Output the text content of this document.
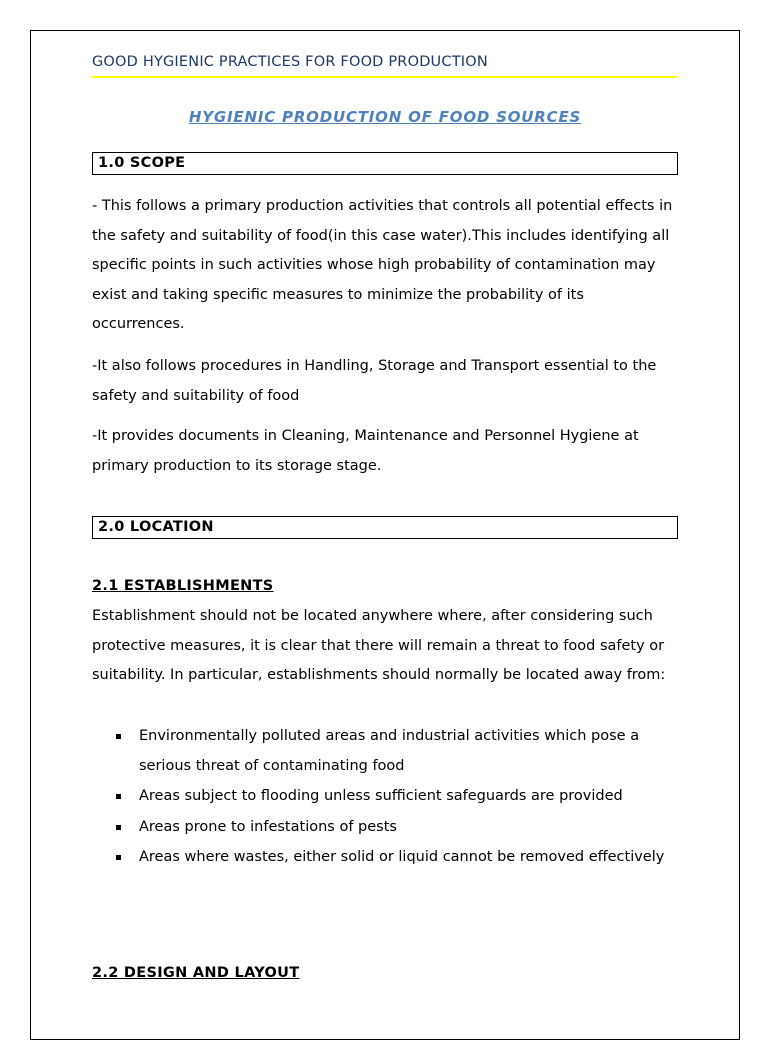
GOOD HYGIENIC PRACTICES FOR FOOD PRODUCTION
HYGIENIC PRODUCTION OF FOOD SOURCES
1.0 SCOPE

- This follows a primary production activities that controls all potential effects in the safety and suitability of food(in this case water).This includes identifying all specific points in such activities whose high probability of contamination may exist and taking specific measures to minimize the probability of its occurrences.

-It also follows procedures in Handling, Storage and Transport essential to the safety and suitability of food

-It provides documents in Cleaning, Maintenance and Personnel Hygiene at primary production to its storage stage.

2.0 LOCATION
2.1 ESTABLISHMENTS

Establishment should not be located anywhere where, after considering such protective measures, it is clear that there will remain a threat to food safety or suitability. In particular, establishments should normally be located away from:

Environmentally polluted areas and industrial activities which pose a serious threat of contaminating food
Areas subject to flooding unless sufficient safeguards are provided
Areas prone to infestations of pests
Areas where wastes, either solid or liquid cannot be removed effectively
2.2 DESIGN AND LAYOUT
